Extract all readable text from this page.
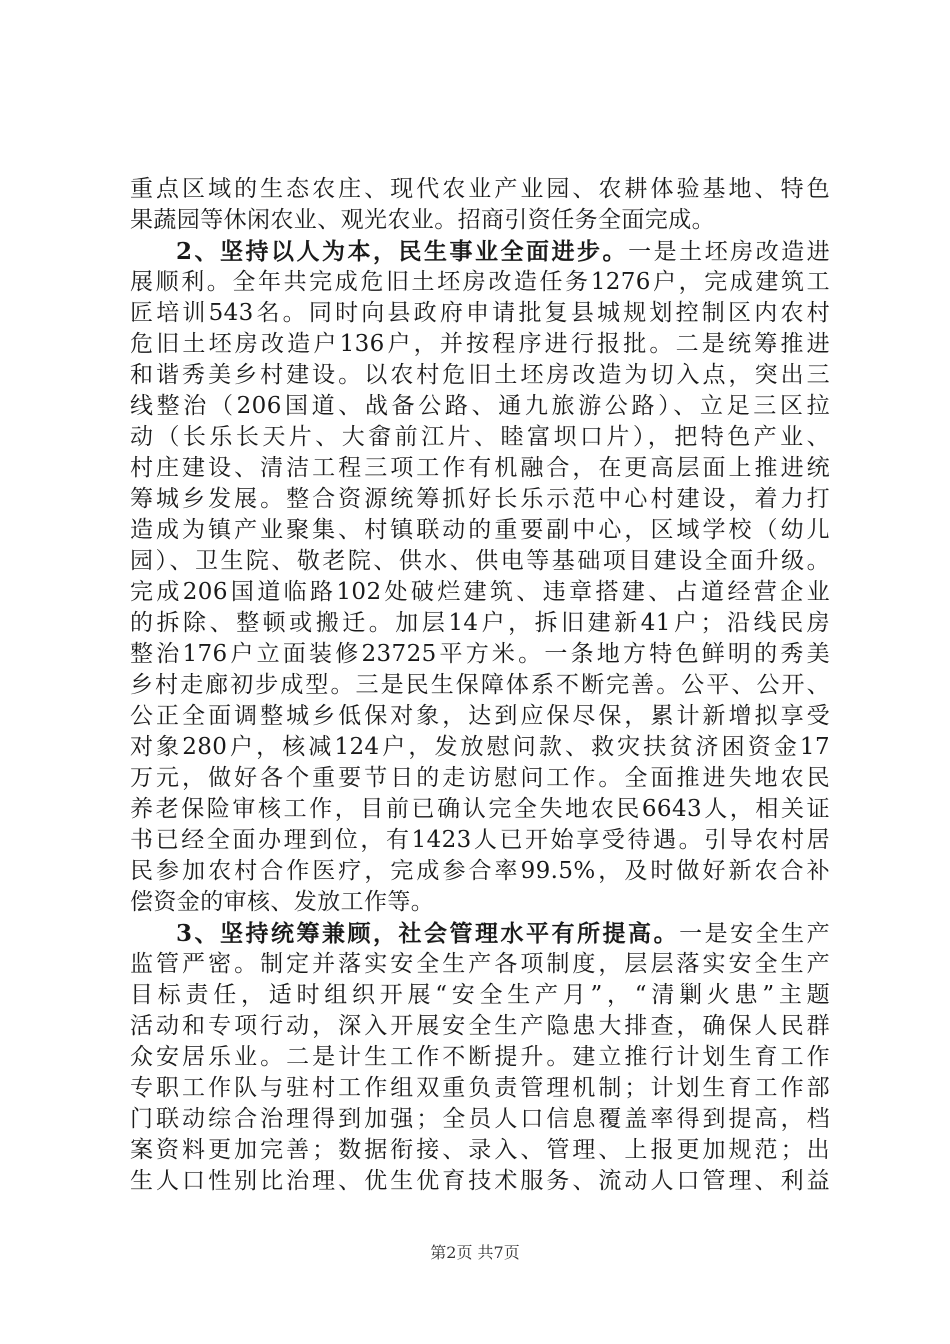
重点区域的生态农庄、现代农业产业园、农耕体验基地、特色
果蔬园等休闲农业、观光农业。招商引资任务全面完成。
2、坚持以人为本，民生事业全面进步。一是土坯房改造进
展顺利。全年共完成危旧土坯房改造任务1276户，完成建筑工
匠培训543名。同时向县政府申请批复县城规划控制区内农村
危旧土坯房改造户136户，并按程序进行报批。二是统筹推进
和谐秀美乡村建设。以农村危旧土坯房改造为切入点，突出三
线整治（206国道、战备公路、通九旅游公路）、立足三区拉
动（长乐长天片、大畲前江片、睦富坝口片），把特色产业、
村庄建设、清洁工程三项工作有机融合，在更高层面上推进统
筹城乡发展。整合资源统筹抓好长乐示范中心村建设，着力打
造成为镇产业聚集、村镇联动的重要副中心，区域学校（幼儿
园）、卫生院、敬老院、供水、供电等基础项目建设全面升级。
完成206国道临路102处破烂建筑、违章搭建、占道经营企业
的拆除、整顿或搬迁。加层14户，拆旧建新41户；沿线民房
整治176户立面装修23725平方米。一条地方特色鲜明的秀美
乡村走廊初步成型。三是民生保障体系不断完善。公平、公开、
公正全面调整城乡低保对象，达到应保尽保，累计新增拟享受
对象280户，核减124户，发放慰问款、救灾扶贫济困资金17
万元，做好各个重要节日的走访慰问工作。全面推进失地农民
养老保险审核工作，目前已确认完全失地农民6643人，相关证
书已经全面办理到位，有1423人已开始享受待遇。引导农村居
民参加农村合作医疗，完成参合率99.5%，及时做好新农合补
偿资金的审核、发放工作等。
3、坚持统筹兼顾，社会管理水平有所提高。一是安全生产
监管严密。制定并落实安全生产各项制度，层层落实安全生产
目标责任，适时组织开展“安全生产月”，“清剿火患”主题
活动和专项行动，深入开展安全生产隐患大排查，确保人民群
众安居乐业。二是计生工作不断提升。建立推行计划生育工作
专职工作队与驻村工作组双重负责管理机制；计划生育工作部
门联动综合治理得到加强；全员人口信息覆盖率得到提高，档
案资料更加完善；数据衔接、录入、管理、上报更加规范；出
生人口性别比治理、优生优育技术服务、流动人口管理、利益
第2页 共7页
